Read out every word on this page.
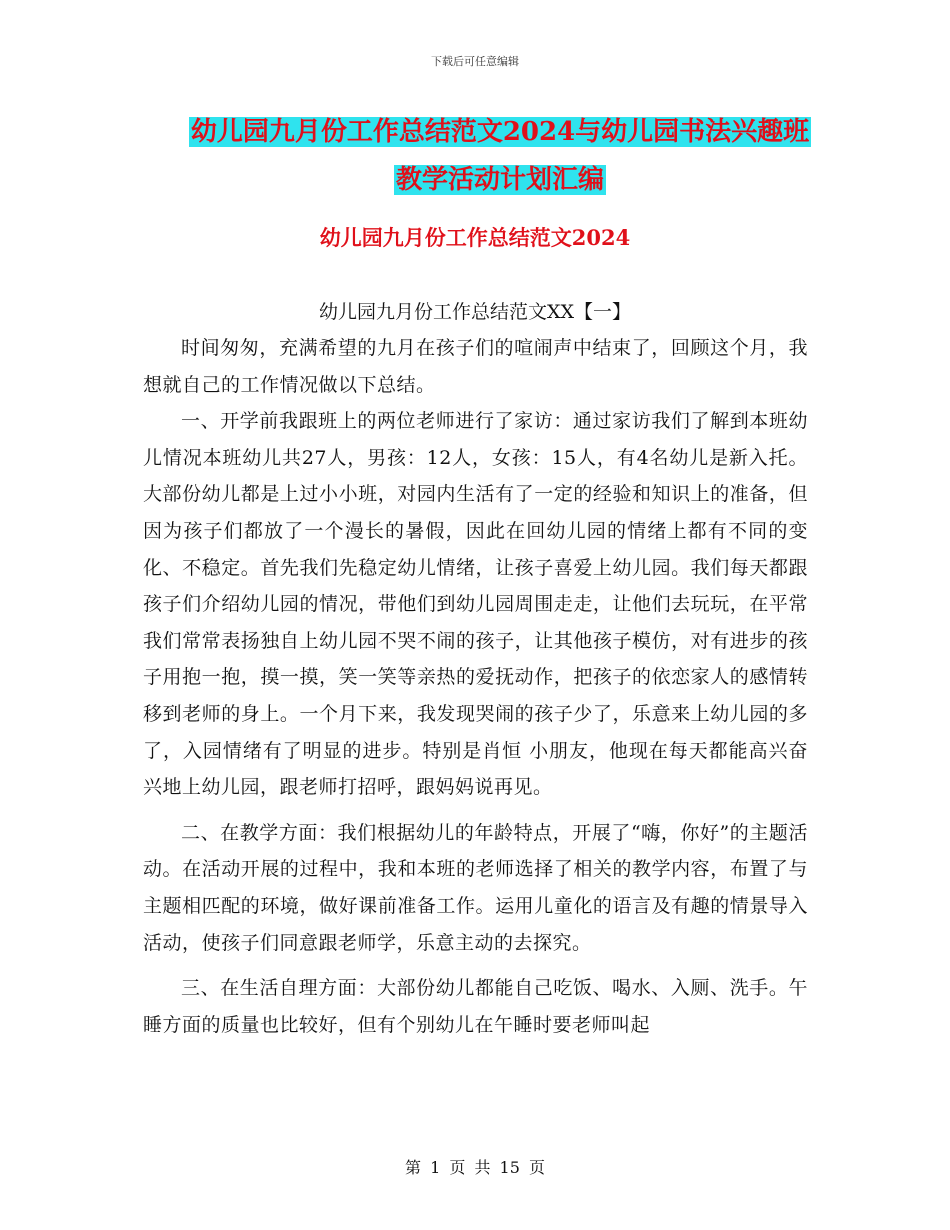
下载后可任意编辑
幼儿园九月份工作总结范文2024与幼儿园书法兴趣班
教学活动计划汇编
幼儿园九月份工作总结范文2024
幼儿园九月份工作总结范文XX【一】

时间匆匆，充满希望的九月在孩子们的喧闹声中结束了，回顾这个月，我想就自己的工作情况做以下总结。

一、开学前我跟班上的两位老师进行了家访：通过家访我们了解到本班幼儿情况本班幼儿共27人，男孩：12人，女孩：15人，有4名幼儿是新入托。大部份幼儿都是上过小小班，对园内生活有了一定的经验和知识上的准备，但因为孩子们都放了一个漫长的暑假，因此在回幼儿园的情绪上都有不同的变化、不稳定。首先我们先稳定幼儿情绪，让孩子喜爱上幼儿园。我们每天都跟孩子们介绍幼儿园的情况，带他们到幼儿园周围走走，让他们去玩玩，在平常我们常常表扬独自上幼儿园不哭不闹的孩子，让其他孩子模仿，对有进步的孩子用抱一抱，摸一摸，笑一笑等亲热的爱抚动作，把孩子的依恋家人的感情转移到老师的身上。一个月下来，我发现哭闹的孩子少了，乐意来上幼儿园的多了，入园情绪有了明显的进步。特别是肖恒 小朋友，他现在每天都能高兴奋兴地上幼儿园，跟老师打招呼，跟妈妈说再见。

二、在教学方面：我们根据幼儿的年龄特点，开展了“嗨，你好”的主题活动。在活动开展的过程中，我和本班的老师选择了相关的教学内容，布置了与主题相匹配的环境，做好课前准备工作。运用儿童化的语言及有趣的情景导入活动，使孩子们同意跟老师学，乐意主动的去探究。

三、在生活自理方面：大部份幼儿都能自己吃饭、喝水、入厕、洗手。午睡方面的质量也比较好，但有个别幼儿在午睡时要老师叫起

第 1 页 共 15 页
